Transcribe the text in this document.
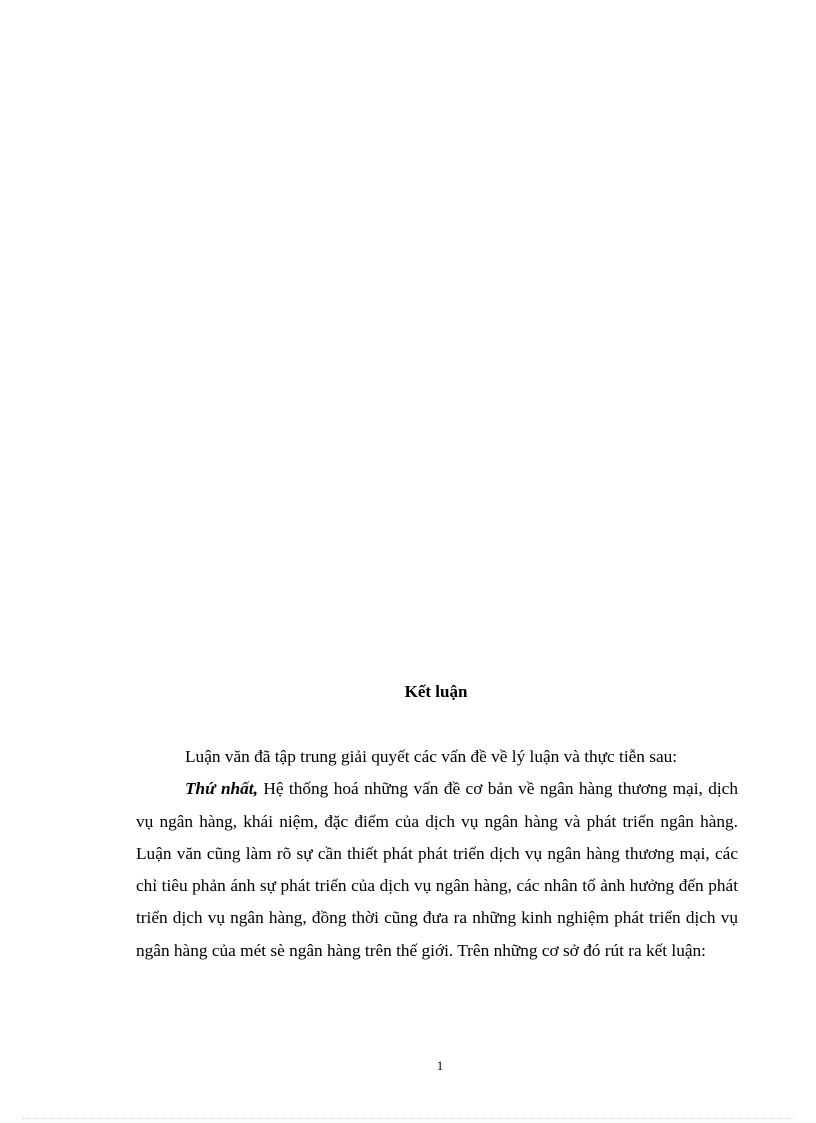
Kết luận

Luận văn đã tập trung giải quyết các vấn đề về lý luận và thực tiễn sau:

Thứ nhất, Hệ thống hoá những vấn đề cơ bản về ngân hàng thương mại, dịch vụ ngân hàng, khái niệm, đặc điểm của dịch vụ ngân hàng và phát triển ngân hàng. Luận văn cũng làm rõ sự cần thiết phát phát triển dịch vụ ngân hàng thương mại, các chỉ tiêu phản ánh sự phát triển của dịch vụ ngân hàng, các nhân tố ảnh hưởng đến phát triển dịch vụ ngân hàng, đồng thời cũng đưa ra những kinh nghiệm phát triển dịch vụ ngân hàng của mét sè ngân hàng trên thế giới. Trên những cơ sở đó rút ra kết luận:

1
